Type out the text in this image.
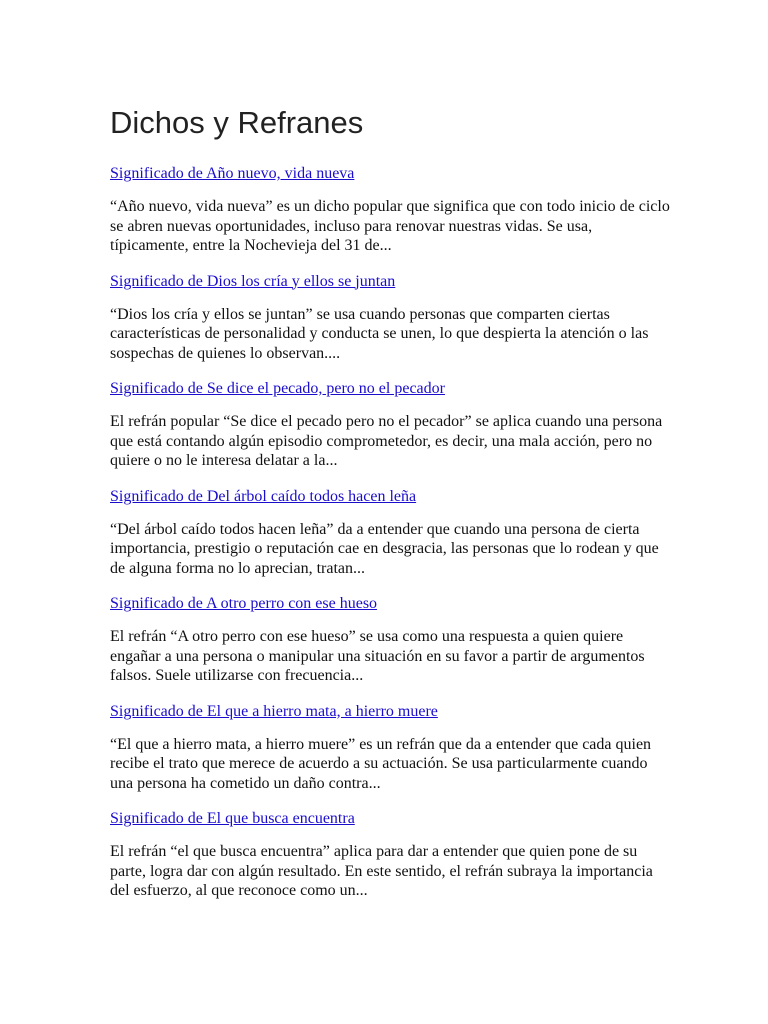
Dichos y Refranes
Significado de Año nuevo, vida nueva

“Año nuevo, vida nueva” es un dicho popular que significa que con todo inicio de ciclo se abren nuevas oportunidades, incluso para renovar nuestras vidas. Se usa, típicamente, entre la Nochevieja del 31 de...

Significado de Dios los cría y ellos se juntan

“Dios los cría y ellos se juntan” se usa cuando personas que comparten ciertas características de personalidad y conducta se unen, lo que despierta la atención o las sospechas de quienes lo observan....

Significado de Se dice el pecado, pero no el pecador

El refrán popular “Se dice el pecado pero no el pecador” se aplica cuando una persona que está contando algún episodio comprometedor, es decir, una mala acción, pero no quiere o no le interesa delatar a la...

Significado de Del árbol caído todos hacen leña

“Del árbol caído todos hacen leña” da a entender que cuando una persona de cierta importancia, prestigio o reputación cae en desgracia, las personas que lo rodean y que de alguna forma no lo aprecian, tratan...

Significado de A otro perro con ese hueso

El refrán “A otro perro con ese hueso” se usa como una respuesta a quien quiere engañar a una persona o manipular una situación en su favor a partir de argumentos falsos. Suele utilizarse con frecuencia...

Significado de El que a hierro mata, a hierro muere

“El que a hierro mata, a hierro muere” es un refrán que da a entender que cada quien recibe el trato que merece de acuerdo a su actuación. Se usa particularmente cuando una persona ha cometido un daño contra...

Significado de El que busca encuentra

El refrán “el que busca encuentra” aplica para dar a entender que quien pone de su parte, logra dar con algún resultado. En este sentido, el refrán subraya la importancia del esfuerzo, al que reconoce como un...
